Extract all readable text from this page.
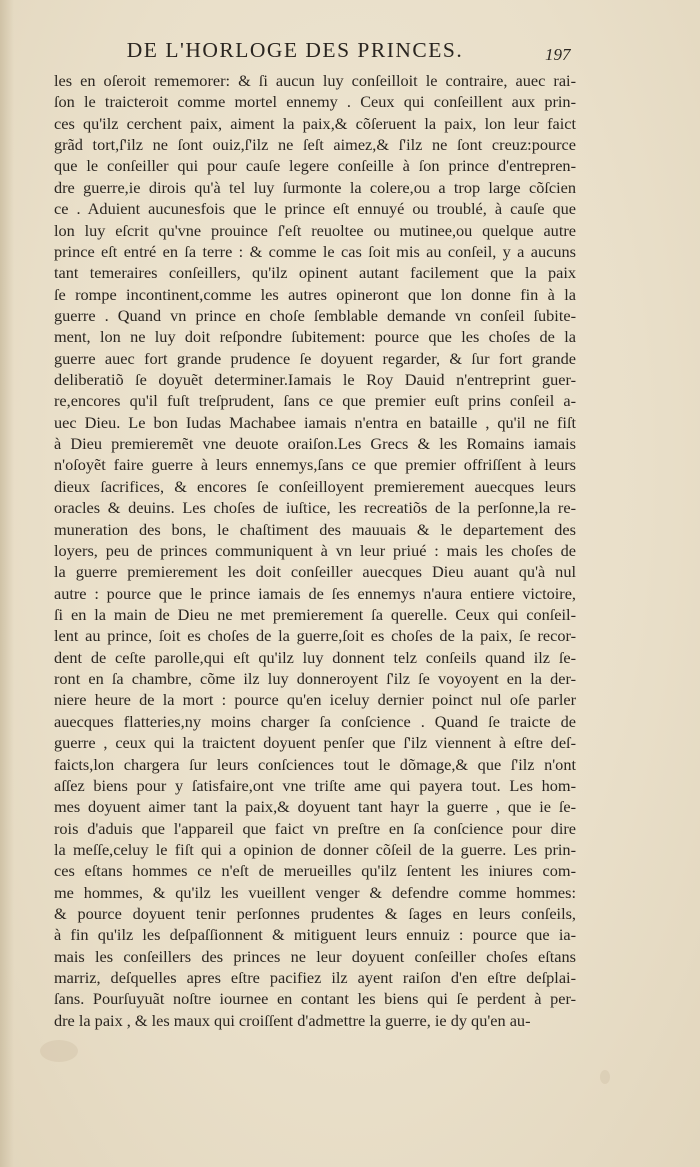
DE L'HORLOGE DES PRINCES.	197
les en oſeroit rememorer: & ſi aucun luy conſeilloit le contraire, auec rai-
ſon le traicteroit comme mortel ennemy . Ceux qui conſeillent aux prin-
ces qu'ilz cerchent paix, aiment la paix,& cõſeruent la paix, lon leur faict
grãd tort,ſ'ilz ne ſont ouiz,ſ'ilz ne ſeſt aimez,& ſ'ilz ne ſont creuz:pource
que le conſeiller qui pour cauſe legere conſeille à ſon prince d'entrepren-
dre guerre,ie dirois qu'à tel luy ſurmonte la colere,ou a trop large cõſcien
ce . Aduient aucunesfois que le prince eſt ennuyé ou troublé, à cauſe que
lon luy eſcrit qu'vne prouince ſ'eſt reuoltee ou mutinee,ou quelque autre
prince eſt entré en ſa terre : & comme le cas ſoit mis au conſeil, y a aucuns
tant temeraires conſeillers, qu'ilz opinent autant facilement que la paix
ſe rompe incontinent,comme les autres opineront que lon donne fin à la
guerre . Quand vn prince en choſe ſemblable demande vn conſeil ſubite-
ment, lon ne luy doit reſpondre ſubitement: pource que les choſes de la
guerre auec fort grande prudence ſe doyuent regarder, & ſur fort grande
deliberatiõ ſe doyuẽt determiner.Iamais le Roy Dauid n'entreprint guer-
re,encores qu'il fuſt treſprudent, ſans ce que premier euſt prins conſeil a-
uec Dieu. Le bon Iudas Machabee iamais n'entra en bataille , qu'il ne fiſt
à Dieu premieremẽt vne deuote oraiſon.Les Grecs & les Romains iamais
n'oſoyẽt faire guerre à leurs ennemys,ſans ce que premier offriſſent à leurs
dieux ſacrifices, & encores ſe conſeilloyent premierement auecques leurs
oracles & deuins. Les choſes de iuſtice, les recreatiõs de la perſonne,la re-
muneration des bons, le chaſtiment des mauuais & le departement des
loyers, peu de princes communiquent à vn leur priué : mais les choſes de
la guerre premierement les doit conſeiller auecques Dieu auant qu'à nul
autre : pource que le prince iamais de ſes ennemys n'aura entiere victoire,
ſi en la main de Dieu ne met premierement ſa querelle. Ceux qui conſeil-
lent au prince, ſoit es choſes de la guerre,ſoit es choſes de la paix, ſe recor-
dent de ceſte parolle,qui eſt qu'ilz luy donnent telz conſeils quand ilz ſe-
ront en ſa chambre, cõme ilz luy donneroyent ſ'ilz ſe voyoyent en la der-
niere heure de la mort : pource qu'en iceluy dernier poinct nul oſe parler
auecques flatteries,ny moins charger ſa conſcience . Quand ſe traicte de
guerre , ceux qui la traictent doyuent penſer que ſ'ilz viennent à eſtre deſ-
faicts,lon chargera ſur leurs conſciences tout le dõmage,& que ſ'ilz n'ont
aſſez biens pour y ſatisfaire,ont vne triſte ame qui payera tout. Les hom-
mes doyuent aimer tant la paix,& doyuent tant hayr la guerre , que ie ſe-
rois d'aduis que l'appareil que faict vn preſtre en ſa conſcience pour dire
la meſſe,celuy le fiſt qui a opinion de donner cõſeil de la guerre. Les prin-
ces eſtans hommes ce n'eſt de merueilles qu'ilz ſentent les iniures com-
me hommes, & qu'ilz les vueillent venger & defendre comme hommes:
& pource doyuent tenir perſonnes prudentes & ſages en leurs conſeils,
à fin qu'ilz les deſpaſſionnent & mitiguent leurs ennuiz : pource que ia-
mais les conſeillers des princes ne leur doyuent conſeiller choſes eſtans
marriz, deſquelles apres eſtre pacifiez ilz ayent raiſon d'en eſtre deſplai-
ſans. Pourſuyuãt noſtre iournee en contant les biens qui ſe perdent à per-
dre la paix , & les maux qui croiſſent d'admettre la guerre, ie dy qu'en au-
